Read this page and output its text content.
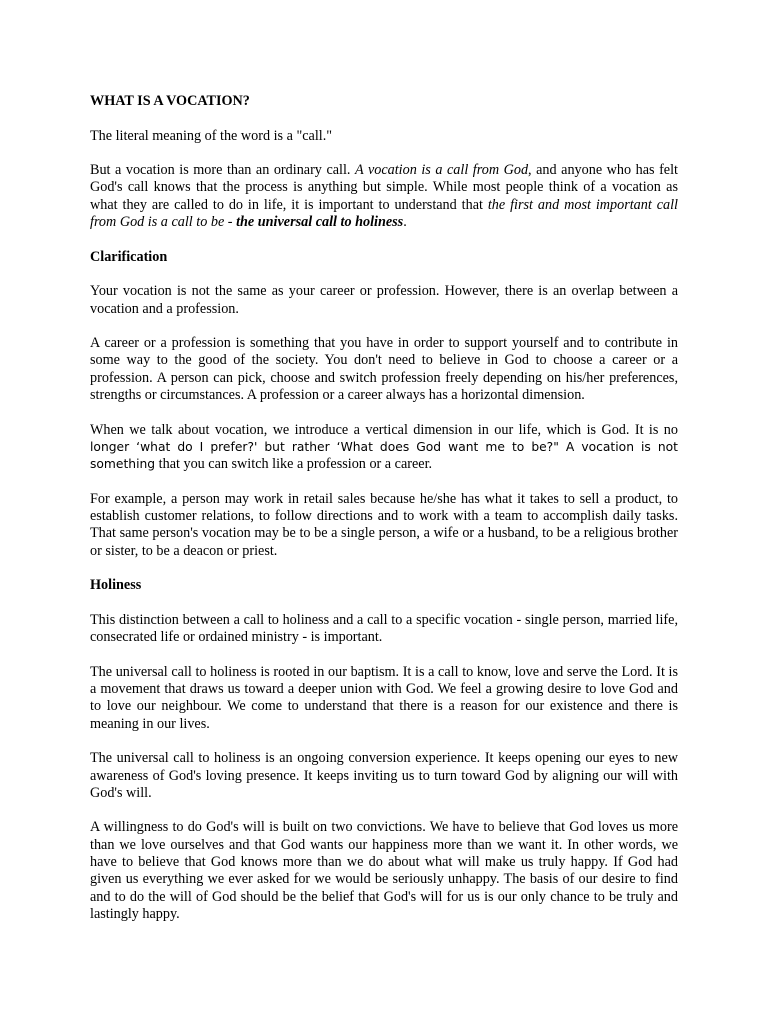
WHAT IS A VOCATION?

The literal meaning of the word is a "call."

But a vocation is more than an ordinary call. A vocation is a call from God, and anyone who has felt God's call knows that the process is anything but simple. While most people think of a vocation as what they are called to do in life, it is important to understand that the first and most important call from God is a call to be - the universal call to holiness.

Clarification

Your vocation is not the same as your career or profession. However, there is an overlap between a vocation and a profession.

A career or a profession is something that you have in order to support yourself and to contribute in some way to the good of the society. You don't need to believe in God to choose a career or a profession. A person can pick, choose and switch profession freely depending on his/her preferences, strengths or circumstances. A profession or a career always has a horizontal dimension.

When we talk about vocation, we introduce a vertical dimension in our life, which is God. It is no longer ‘what do I prefer?' but rather ‘What does God want me to be?" A vocation is not something that you can switch like a profession or a career.

For example, a person may work in retail sales because he/she has what it takes to sell a product, to establish customer relations, to follow directions and to work with a team to accomplish daily tasks. That same person's vocation may be to be a single person, a wife or a husband, to be a religious brother or sister, to be a deacon or priest.

Holiness

This distinction between a call to holiness and a call to a specific vocation - single person, married life, consecrated life or ordained ministry - is important.

The universal call to holiness is rooted in our baptism. It is a call to know, love and serve the Lord. It is a movement that draws us toward a deeper union with God. We feel a growing desire to love God and to love our neighbour. We come to understand that there is a reason for our existence and there is meaning in our lives.

The universal call to holiness is an ongoing conversion experience. It keeps opening our eyes to new awareness of God's loving presence. It keeps inviting us to turn toward God by aligning our will with God's will.

A willingness to do God's will is built on two convictions. We have to believe that God loves us more than we love ourselves and that God wants our happiness more than we want it. In other words, we have to believe that God knows more than we do about what will make us truly happy. If God had given us everything we ever asked for we would be seriously unhappy. The basis of our desire to find and to do the will of God should be the belief that God's will for us is our only chance to be truly and lastingly happy.
